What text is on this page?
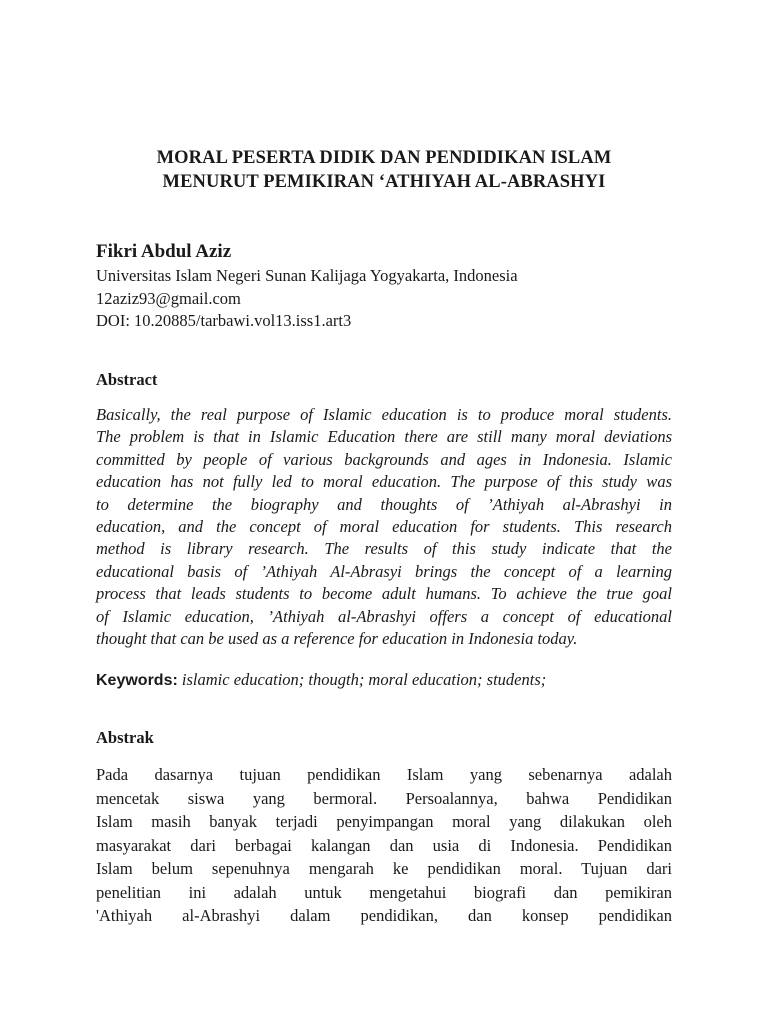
MORAL PESERTA DIDIK DAN PENDIDIKAN ISLAM
MENURUT PEMIKIRAN ‘ATHIYAH AL-ABRASHYI
Fikri Abdul Aziz
Universitas Islam Negeri Sunan Kalijaga Yogyakarta, Indonesia
12aziz93@gmail.com
DOI: 10.20885/tarbawi.vol13.iss1.art3
Abstract
Basically, the real purpose of Islamic education is to produce moral students.
The problem is that in Islamic Education there are still many moral deviations
committed by people of various backgrounds and ages in Indonesia. Islamic
education has not fully led to moral education. The purpose of this study was
to determine the biography and thoughts of ’Athiyah al-Abrashyi in
education, and the concept of moral education for students. This research
method is library research. The results of this study indicate that the
educational basis of ’Athiyah Al-Abrasyi brings the concept of a learning
process that leads students to become adult humans. To achieve the true goal
of Islamic education, ’Athiyah al-Abrashyi offers a concept of educational
thought that can be used as a reference for education in Indonesia today.
Keywords: islamic education; thougth; moral education; students;
Abstrak
Pada dasarnya tujuan pendidikan Islam yang sebenarnya adalah
mencetak siswa yang bermoral. Persoalannya, bahwa Pendidikan
Islam masih banyak terjadi penyimpangan moral yang dilakukan oleh
masyarakat dari berbagai kalangan dan usia di Indonesia. Pendidikan
Islam belum sepenuhnya mengarah ke pendidikan moral. Tujuan dari
penelitian ini adalah untuk mengetahui biografi dan pemikiran
'Athiyah al-Abrashyi dalam pendidikan, dan konsep pendidikan
